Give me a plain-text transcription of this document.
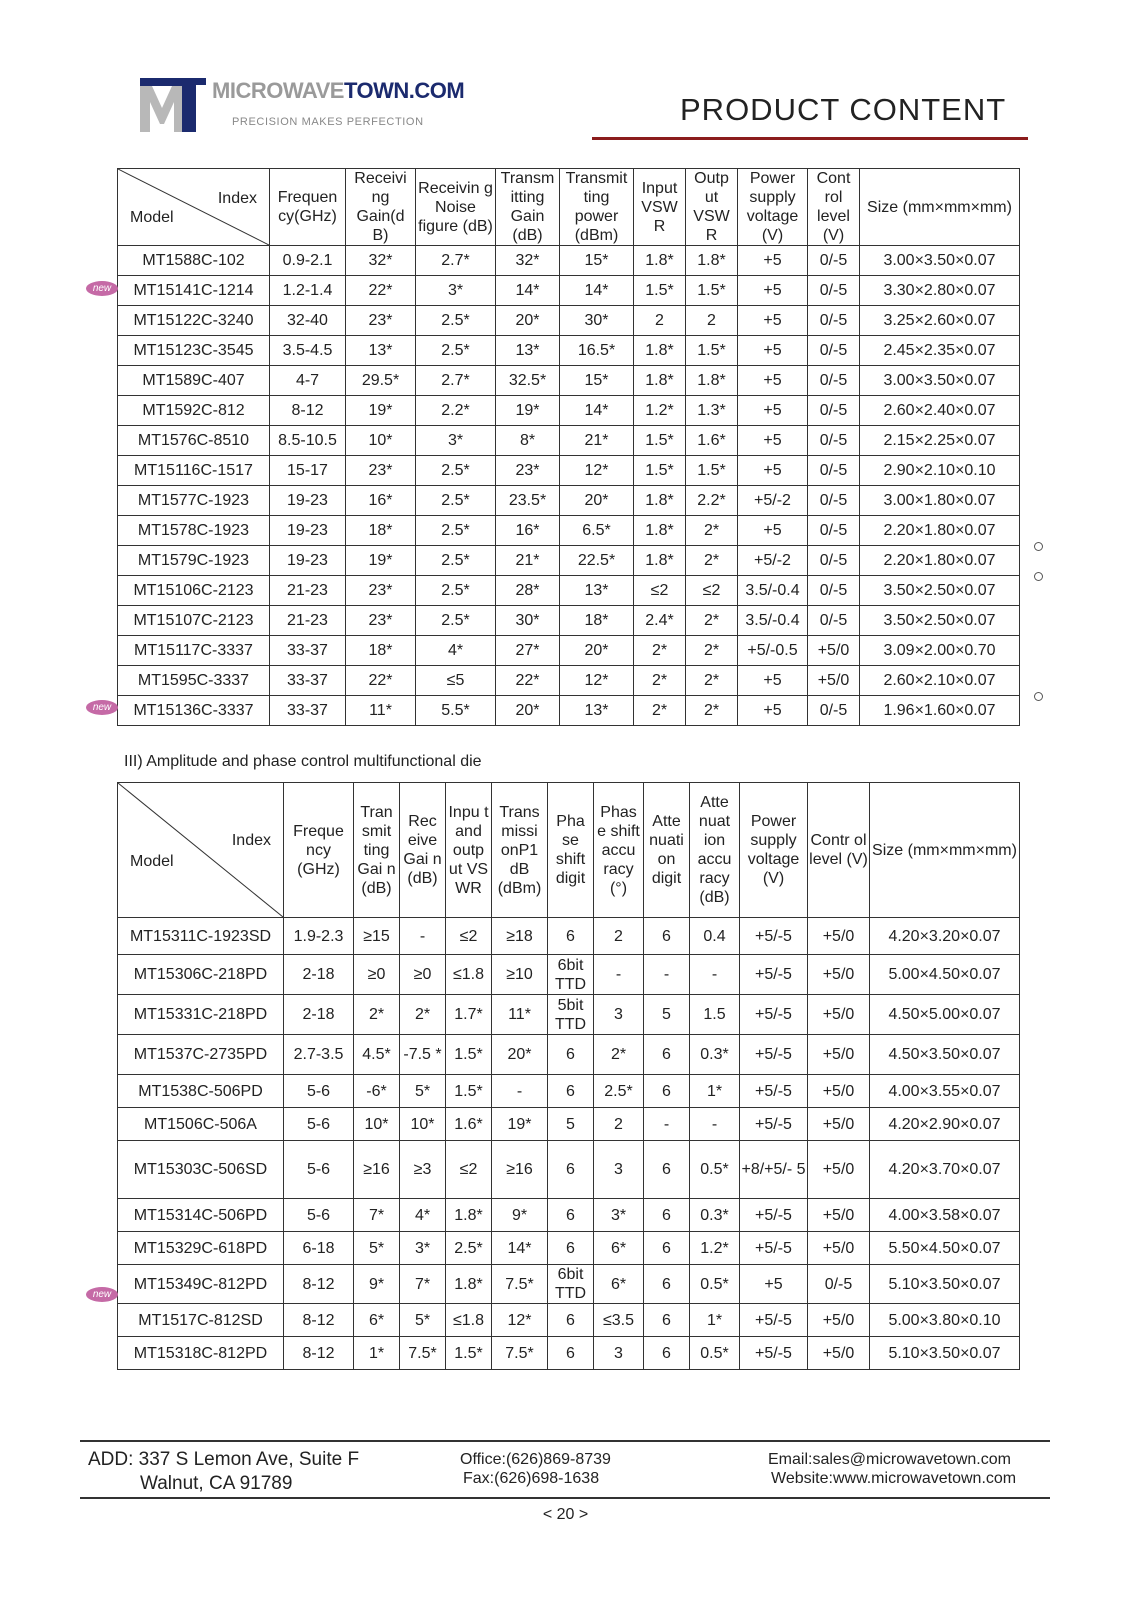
MICROWAVETOWN.COM
PRECISION MAKES PERFECTION	PRODUCT CONTENT
Index
Model	Frequen cy(GHz)	Receivi ng Gain(d B)	Receivin g Noise figure (dB)	Transm itting Gain (dB)	Transmit ting power (dBm)	Input VSW R	Outp ut VSW R	Power supply voltage (V)	Cont rol level (V)	Size (mm×mm×mm)
MT1588C-102	0.9-2.1	32*	2.7*	32*	15*	1.8*	1.8*	+5	0/-5	3.00×3.50×0.07
MT15141C-1214	1.2-1.4	22*	3*	14*	14*	1.5*	1.5*	+5	0/-5	3.30×2.80×0.07
MT15122C-3240	32-40	23*	2.5*	20*	30*	2	2	+5	0/-5	3.25×2.60×0.07
MT15123C-3545	3.5-4.5	13*	2.5*	13*	16.5*	1.8*	1.5*	+5	0/-5	2.45×2.35×0.07
MT1589C-407	4-7	29.5*	2.7*	32.5*	15*	1.8*	1.8*	+5	0/-5	3.00×3.50×0.07
MT1592C-812	8-12	19*	2.2*	19*	14*	1.2*	1.3*	+5	0/-5	2.60×2.40×0.07
MT1576C-8510	8.5-10.5	10*	3*	8*	21*	1.5*	1.6*	+5	0/-5	2.15×2.25×0.07
MT15116C-1517	15-17	23*	2.5*	23*	12*	1.5*	1.5*	+5	0/-5	2.90×2.10×0.10
MT1577C-1923	19-23	16*	2.5*	23.5*	20*	1.8*	2.2*	+5/-2	0/-5	3.00×1.80×0.07
MT1578C-1923	19-23	18*	2.5*	16*	6.5*	1.8*	2*	+5	0/-5	2.20×1.80×0.07
MT1579C-1923	19-23	19*	2.5*	21*	22.5*	1.8*	2*	+5/-2	0/-5	2.20×1.80×0.07
MT15106C-2123	21-23	23*	2.5*	28*	13*	≤2	≤2	3.5/-0.4	0/-5	3.50×2.50×0.07
MT15107C-2123	21-23	23*	2.5*	30*	18*	2.4*	2*	3.5/-0.4	0/-5	3.50×2.50×0.07
MT15117C-3337	33-37	18*	4*	27*	20*	2*	2*	+5/-0.5	+5/0	3.09×2.00×0.70
MT1595C-3337	33-37	22*	≤5	22*	12*	2*	2*	+5	+5/0	2.60×2.10×0.07
MT15136C-3337	33-37	11*	5.5*	20*	13*	2*	2*	+5	0/-5	1.96×1.60×0.07
III) Amplitude and phase control multifunctional die
Index
Model	Freque ncy (GHz)	Tran smit ting Gai n (dB)	Rec eive Gai n (dB)	Inpu t and outp ut VS WR	Trans missi onP1 dB (dBm)	Pha se shift digit	Phas e shift accu racy (°)	Atte nuati on digit	Atte nuat ion accu racy (dB)	Power supply voltage (V)	Contr ol level (V)	Size (mm×mm×mm)
MT15311C-1923SD	1.9-2.3	≥15	-	≤2	≥18	6	2	6	0.4	+5/-5	+5/0	4.20×3.20×0.07
MT15306C-218PD	2-18	≥0	≥0	≤1.8	≥10	6bit TTD	-	-	-	+5/-5	+5/0	5.00×4.50×0.07
MT15331C-218PD	2-18	2*	2*	1.7*	11*	5bit TTD	3	5	1.5	+5/-5	+5/0	4.50×5.00×0.07
MT1537C-2735PD	2.7-3.5	4.5*	-7.5 *	1.5*	20*	6	2*	6	0.3*	+5/-5	+5/0	4.50×3.50×0.07
MT1538C-506PD	5-6	-6*	5*	1.5*	-	6	2.5*	6	1*	+5/-5	+5/0	4.00×3.55×0.07
MT1506C-506A	5-6	10*	10*	1.6*	19*	5	2	-	-	+5/-5	+5/0	4.20×2.90×0.07
MT15303C-506SD	5-6	≥16	≥3	≤2	≥16	6	3	6	0.5*	+8/+5/- 5	+5/0	4.20×3.70×0.07
MT15314C-506PD	5-6	7*	4*	1.8*	9*	6	3*	6	0.3*	+5/-5	+5/0	4.00×3.58×0.07
MT15329C-618PD	6-18	5*	3*	2.5*	14*	6	6*	6	1.2*	+5/-5	+5/0	5.50×4.50×0.07
MT15349C-812PD	8-12	9*	7*	1.8*	7.5*	6bit TTD	6*	6	0.5*	+5	0/-5	5.10×3.50×0.07
MT1517C-812SD	8-12	6*	5*	≤1.8	12*	6	≤3.5	6	1*	+5/-5	+5/0	5.00×3.80×0.10
MT15318C-812PD	8-12	1*	7.5*	1.5*	7.5*	6	3	6	0.5*	+5/-5	+5/0	5.10×3.50×0.07
new
new
new
ADD: 337 S Lemon Ave, Suite F
Walnut, CA 91789
Office:(626)869-8739
Fax:(626)698-1638
Email:sales@microwavetown.com
Website:www.microwavetown.com
< 20 >
